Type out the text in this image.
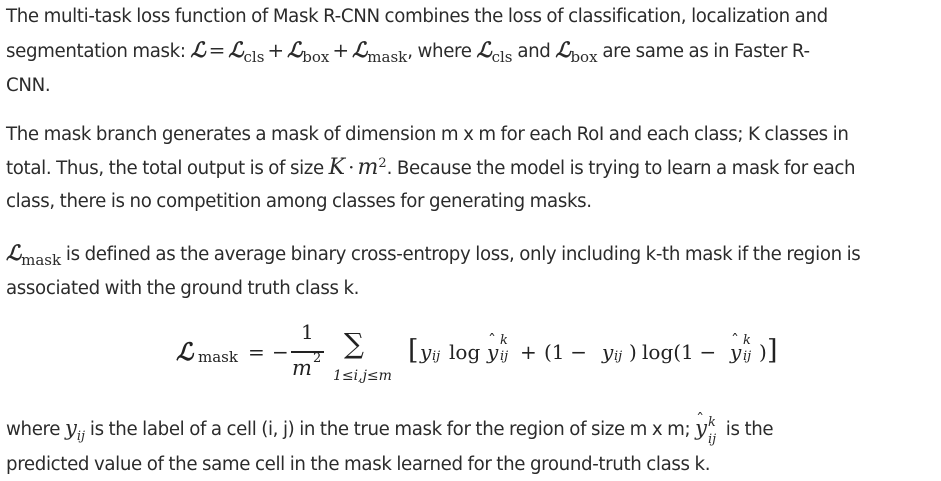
The multi-task loss function of Mask R-CNN combines the loss of classification, localization and

segmentation mask: ℒ = ℒ$_{cls}$ + ℒ$_{box}$ + ℒ$_{mask}$, where ℒ$_{cls}$ and ℒ$_{box}$ are same as in Faster R-

CNN.

The mask branch generates a mask of dimension m x m for each RoI and each class; K classes in

total. Thus, the total output is of size $K \cdot m^2$. Because the model is trying to learn a mask for each

class, there is no competition among classes for generating masks.

ℒ$_{mask}$ is defined as the average binary cross-entropy loss, only including k-th mask if the region is

associated with the ground truth class k.

ℒ mask = −
1
m 2 ∑
1≤i,j≤m
[ y ij log ˆ y k
ij + (1 − y ij ) log(1 − ˆ y k
ij ) ]

where $y_{ij}$ is the label of a cell (i, j) in the true mask for the region of size m x m; ˆ y k
ij is the

predicted value of the same cell in the mask learned for the ground-truth class k.
